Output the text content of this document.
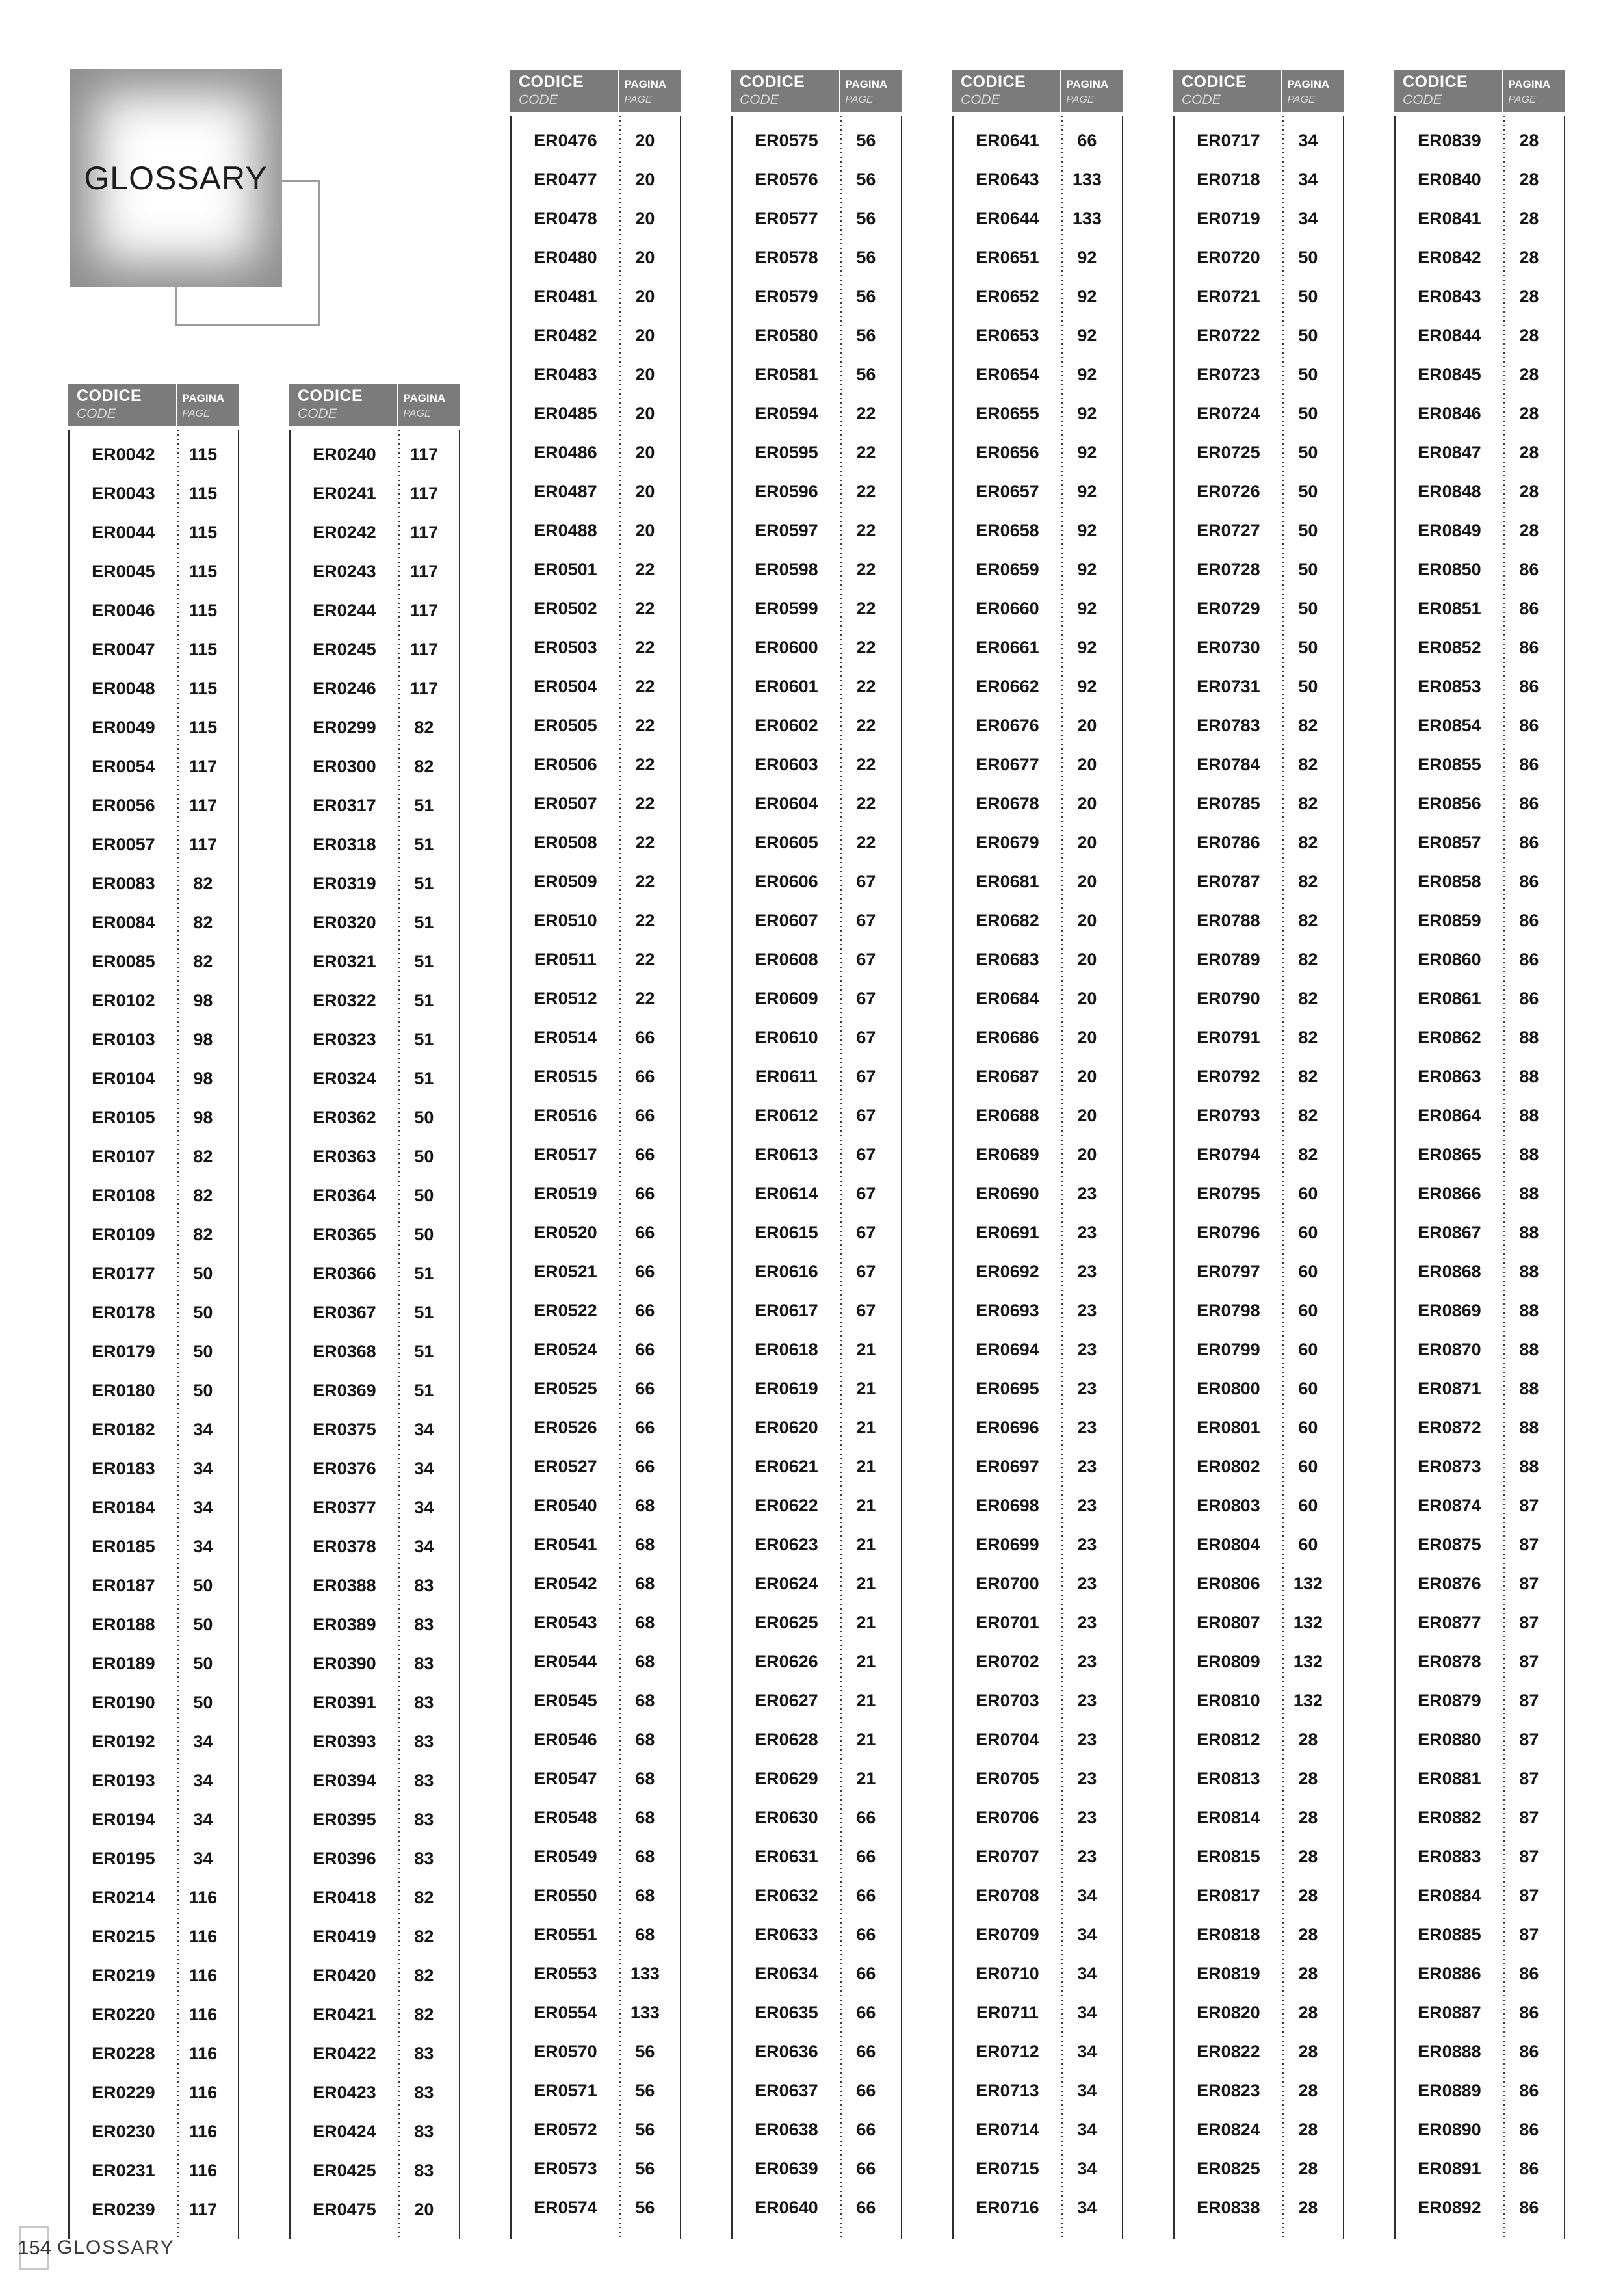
GLOSSARY
CODICE
CODE
PAGINA
PAGE
ER0042	115
ER0043	115
ER0044	115
ER0045	115
ER0046	115
ER0047	115
ER0048	115
ER0049	115
ER0054	117
ER0056	117
ER0057	117
ER0083	82
ER0084	82
ER0085	82
ER0102	98
ER0103	98
ER0104	98
ER0105	98
ER0107	82
ER0108	82
ER0109	82
ER0177	50
ER0178	50
ER0179	50
ER0180	50
ER0182	34
ER0183	34
ER0184	34
ER0185	34
ER0187	50
ER0188	50
ER0189	50
ER0190	50
ER0192	34
ER0193	34
ER0194	34
ER0195	34
ER0214	116
ER0215	116
ER0219	116
ER0220	116
ER0228	116
ER0229	116
ER0230	116
ER0231	116
ER0239	117
CODICE
CODE
PAGINA
PAGE
ER0240	117
ER0241	117
ER0242	117
ER0243	117
ER0244	117
ER0245	117
ER0246	117
ER0299	82
ER0300	82
ER0317	51
ER0318	51
ER0319	51
ER0320	51
ER0321	51
ER0322	51
ER0323	51
ER0324	51
ER0362	50
ER0363	50
ER0364	50
ER0365	50
ER0366	51
ER0367	51
ER0368	51
ER0369	51
ER0375	34
ER0376	34
ER0377	34
ER0378	34
ER0388	83
ER0389	83
ER0390	83
ER0391	83
ER0393	83
ER0394	83
ER0395	83
ER0396	83
ER0418	82
ER0419	82
ER0420	82
ER0421	82
ER0422	83
ER0423	83
ER0424	83
ER0425	83
ER0475	20
CODICE
CODE
PAGINA
PAGE
ER0476	20
ER0477	20
ER0478	20
ER0480	20
ER0481	20
ER0482	20
ER0483	20
ER0485	20
ER0486	20
ER0487	20
ER0488	20
ER0501	22
ER0502	22
ER0503	22
ER0504	22
ER0505	22
ER0506	22
ER0507	22
ER0508	22
ER0509	22
ER0510	22
ER0511	22
ER0512	22
ER0514	66
ER0515	66
ER0516	66
ER0517	66
ER0519	66
ER0520	66
ER0521	66
ER0522	66
ER0524	66
ER0525	66
ER0526	66
ER0527	66
ER0540	68
ER0541	68
ER0542	68
ER0543	68
ER0544	68
ER0545	68
ER0546	68
ER0547	68
ER0548	68
ER0549	68
ER0550	68
ER0551	68
ER0553	133
ER0554	133
ER0570	56
ER0571	56
ER0572	56
ER0573	56
ER0574	56
CODICE
CODE
PAGINA
PAGE
ER0575	56
ER0576	56
ER0577	56
ER0578	56
ER0579	56
ER0580	56
ER0581	56
ER0594	22
ER0595	22
ER0596	22
ER0597	22
ER0598	22
ER0599	22
ER0600	22
ER0601	22
ER0602	22
ER0603	22
ER0604	22
ER0605	22
ER0606	67
ER0607	67
ER0608	67
ER0609	67
ER0610	67
ER0611	67
ER0612	67
ER0613	67
ER0614	67
ER0615	67
ER0616	67
ER0617	67
ER0618	21
ER0619	21
ER0620	21
ER0621	21
ER0622	21
ER0623	21
ER0624	21
ER0625	21
ER0626	21
ER0627	21
ER0628	21
ER0629	21
ER0630	66
ER0631	66
ER0632	66
ER0633	66
ER0634	66
ER0635	66
ER0636	66
ER0637	66
ER0638	66
ER0639	66
ER0640	66
CODICE
CODE
PAGINA
PAGE
ER0641	66
ER0643	133
ER0644	133
ER0651	92
ER0652	92
ER0653	92
ER0654	92
ER0655	92
ER0656	92
ER0657	92
ER0658	92
ER0659	92
ER0660	92
ER0661	92
ER0662	92
ER0676	20
ER0677	20
ER0678	20
ER0679	20
ER0681	20
ER0682	20
ER0683	20
ER0684	20
ER0686	20
ER0687	20
ER0688	20
ER0689	20
ER0690	23
ER0691	23
ER0692	23
ER0693	23
ER0694	23
ER0695	23
ER0696	23
ER0697	23
ER0698	23
ER0699	23
ER0700	23
ER0701	23
ER0702	23
ER0703	23
ER0704	23
ER0705	23
ER0706	23
ER0707	23
ER0708	34
ER0709	34
ER0710	34
ER0711	34
ER0712	34
ER0713	34
ER0714	34
ER0715	34
ER0716	34
CODICE
CODE
PAGINA
PAGE
ER0717	34
ER0718	34
ER0719	34
ER0720	50
ER0721	50
ER0722	50
ER0723	50
ER0724	50
ER0725	50
ER0726	50
ER0727	50
ER0728	50
ER0729	50
ER0730	50
ER0731	50
ER0783	82
ER0784	82
ER0785	82
ER0786	82
ER0787	82
ER0788	82
ER0789	82
ER0790	82
ER0791	82
ER0792	82
ER0793	82
ER0794	82
ER0795	60
ER0796	60
ER0797	60
ER0798	60
ER0799	60
ER0800	60
ER0801	60
ER0802	60
ER0803	60
ER0804	60
ER0806	132
ER0807	132
ER0809	132
ER0810	132
ER0812	28
ER0813	28
ER0814	28
ER0815	28
ER0817	28
ER0818	28
ER0819	28
ER0820	28
ER0822	28
ER0823	28
ER0824	28
ER0825	28
ER0838	28
CODICE
CODE
PAGINA
PAGE
ER0839	28
ER0840	28
ER0841	28
ER0842	28
ER0843	28
ER0844	28
ER0845	28
ER0846	28
ER0847	28
ER0848	28
ER0849	28
ER0850	86
ER0851	86
ER0852	86
ER0853	86
ER0854	86
ER0855	86
ER0856	86
ER0857	86
ER0858	86
ER0859	86
ER0860	86
ER0861	86
ER0862	88
ER0863	88
ER0864	88
ER0865	88
ER0866	88
ER0867	88
ER0868	88
ER0869	88
ER0870	88
ER0871	88
ER0872	88
ER0873	88
ER0874	87
ER0875	87
ER0876	87
ER0877	87
ER0878	87
ER0879	87
ER0880	87
ER0881	87
ER0882	87
ER0883	87
ER0884	87
ER0885	87
ER0886	86
ER0887	86
ER0888	86
ER0889	86
ER0890	86
ER0891	86
ER0892	86
154 GLOSSARY
